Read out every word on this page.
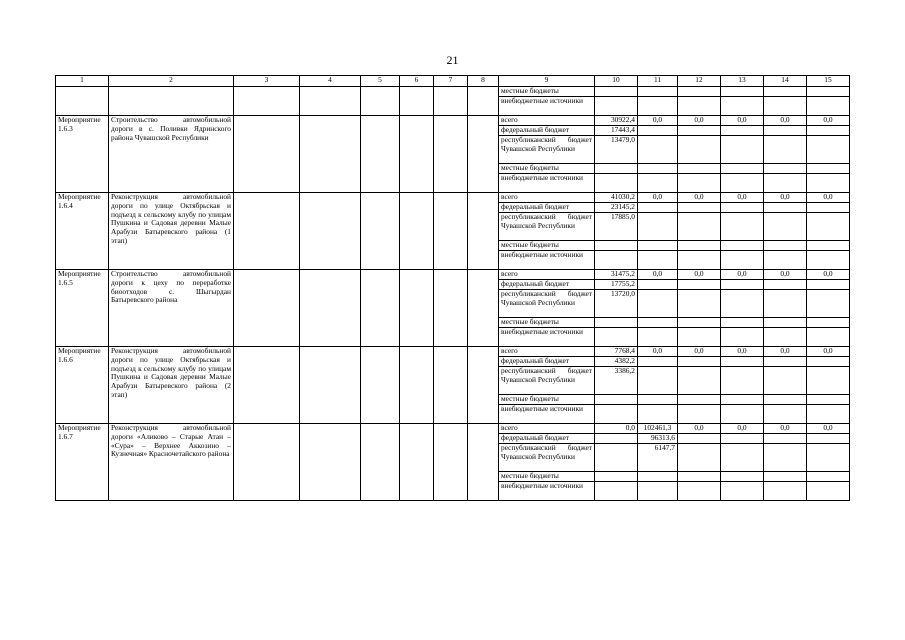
21
1	2	3	4	5	6	7	8	9	10	11	12	13	14	15
								местные бюджеты						
								внебюджетные источники						
Мероприятие 1.6.3	Строительство автомобильной дороги в с. Поливки Ядринского района Чувашской Республики							всего	30922,4	0,0	0,0	0,0	0,0	0,0
								федеральный бюджет	17443,4					
								республиканский бюджет Чувашской Республики	13479,0					
								местные бюджеты						
								внебюджетные источники						
Мероприятие 1.6.4	Реконструкция автомобильной дороги по улице Октябрьская и подъезд к сельскому клубу по улицам Пушкина и Садовая деревни Малые Арабузи Батыревского района (1 этап)							всего	41030,2	0,0	0,0	0,0	0,0	0,0
								федеральный бюджет	23145,2					
								республиканский бюджет Чувашской Республики	17885,0					
								местные бюджеты						
								внебюджетные источники						
Мероприятие 1.6.5	Строительство автомобильной дороги к цеху по переработке биоотходов с. Шыгырдан Батыревского района							всего	31475,2	0,0	0,0	0,0	0,0	0,0
								федеральный бюджет	17755,2					
								республиканский бюджет Чувашской Республики	13720,0					
								местные бюджеты						
								внебюджетные источники						
Мероприятие 1.6.6	Реконструкция автомобильной дороги по улице Октябрьская и подъезд к сельскому клубу по улицам Пушкина и Садовая деревни Малые Арабузи Батыревского района (2 этап)							всего	7768,4	0,0	0,0	0,0	0,0	0,0
								федеральный бюджет	4382,2					
								республиканский бюджет Чувашской Республики	3386,2					
								местные бюджеты						
								внебюджетные источники						
Мероприятие 1.6.7	Реконструкция автомобильной дороги «Аликово – Старые Атаи – «Сура» – Верхнее Аккозино – Кузнечная» Красночетайского района							всего	0,0	102461,3	0,0	0,0	0,0	0,0
								федеральный бюджет		96313,6				
								республиканский бюджет Чувашской Республики		6147,7				
								местные бюджеты						
								внебюджетные источники						
